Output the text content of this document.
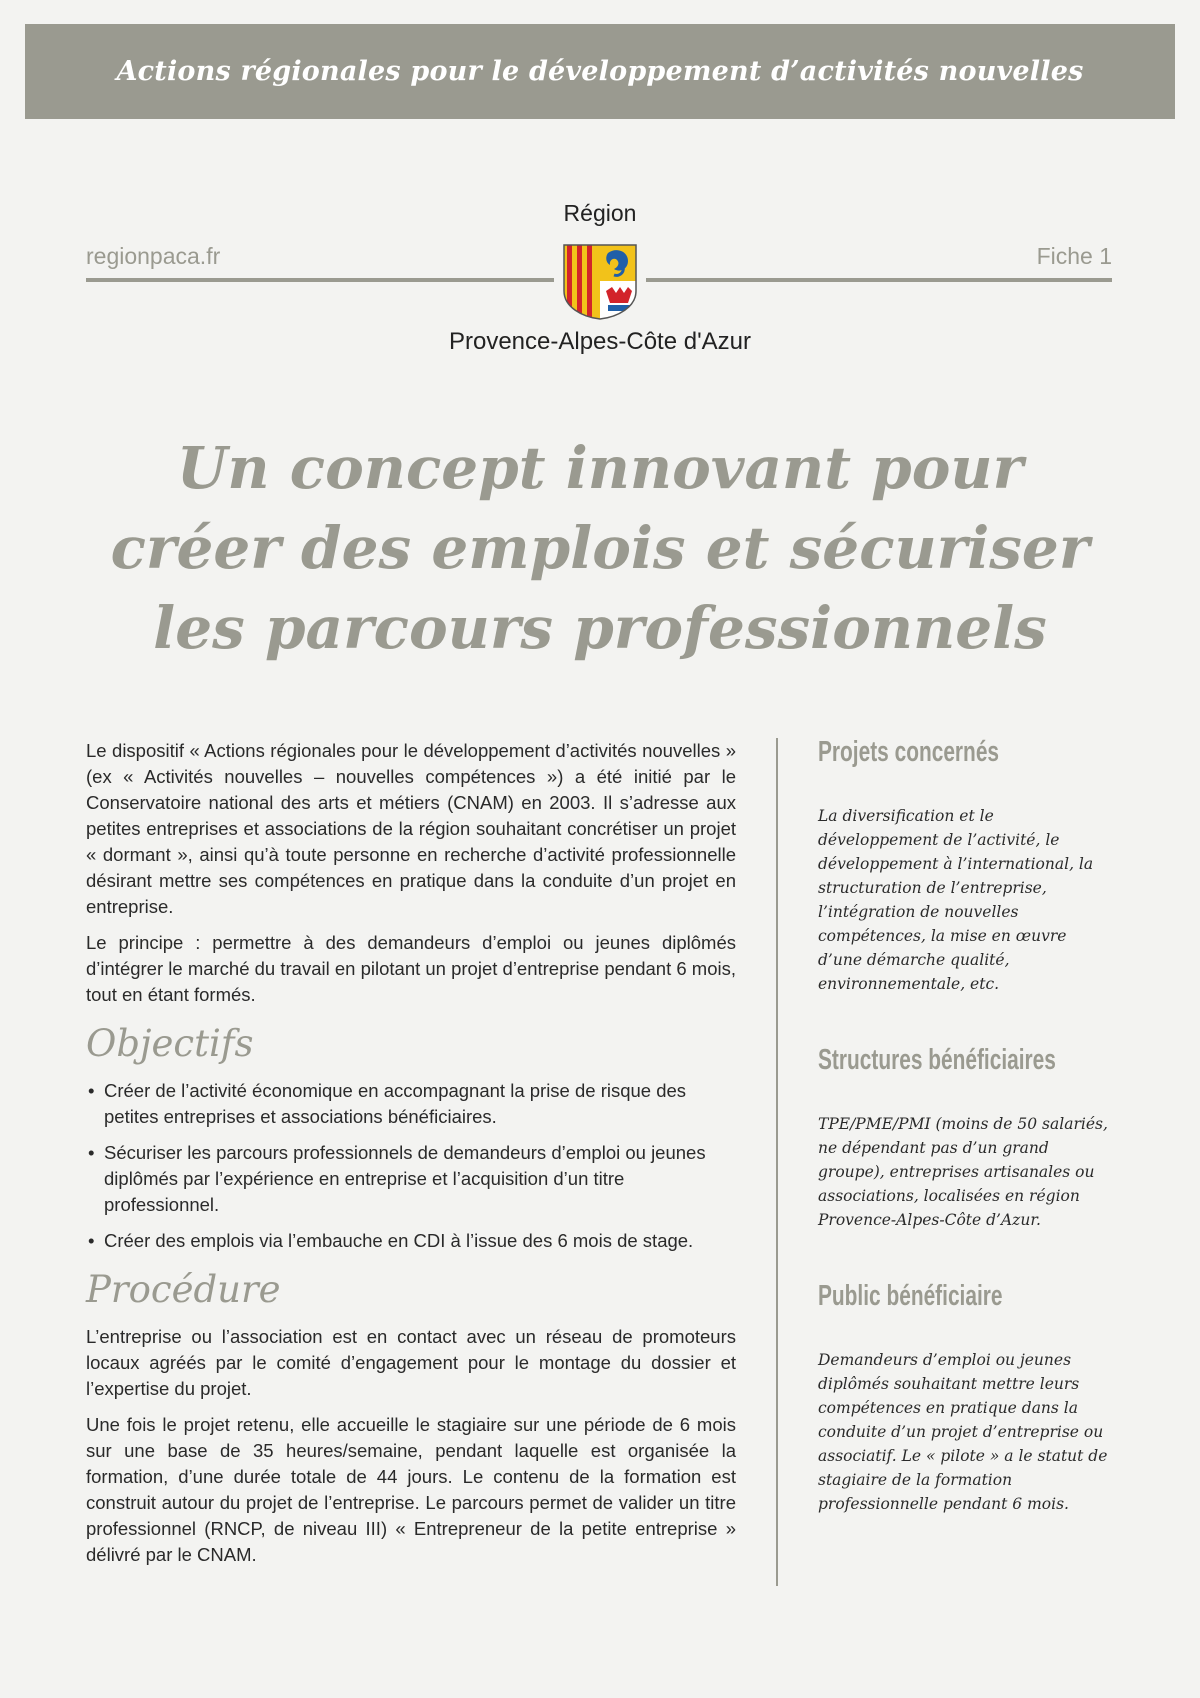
Actions régionales pour le développement d’activités nouvelles
Région
regionpaca.fr	Fiche 1
Provence-Alpes-Côte d'Azur
Un concept innovant pour
créer des emplois et sécuriser
les parcours professionnels

Le dispositif « Actions régionales pour le développement d’activités nouvelles » (ex « Activités nouvelles – nouvelles compétences ») a été initié par le Conservatoire national des arts et métiers (CNAM) en 2003. Il s’adresse aux petites entreprises et associations de la région souhaitant concrétiser un projet « dormant », ainsi qu’à toute personne en recherche d’activité professionnelle désirant mettre ses compétences en pratique dans la conduite d’un projet en entreprise.

Le principe : permettre à des demandeurs d’emploi ou jeunes diplômés d’intégrer le marché du travail en pilotant un projet d’entreprise pendant 6 mois, tout en étant formés.

Objectifs
• Créer de l’activité économique en accompagnant la prise de risque des petites entreprises et associations bénéficiaires.
• Sécuriser les parcours professionnels de demandeurs d’emploi ou jeunes diplômés par l’expérience en entreprise et l’acquisition d’un titre professionnel.
• Créer des emplois via l’embauche en CDI à l’issue des 6 mois de stage.
Procédure

L’entreprise ou l’association est en contact avec un réseau de promoteurs locaux agréés par le comité d’engagement pour le montage du dossier et l’expertise du projet.

Une fois le projet retenu, elle accueille le stagiaire sur une période de 6 mois sur une base de 35 heures/semaine, pendant laquelle est organisée la formation, d’une durée totale de 44 jours. Le contenu de la formation est construit autour du projet de l’entreprise. Le parcours permet de valider un titre professionnel (RNCP, de niveau III) « Entrepreneur de la petite entreprise » délivré par le CNAM.

Projets concernés
La diversification et le développement de l’activité, le développement à l’international, la structuration de l’entreprise, l’intégration de nouvelles compétences, la mise en œuvre d’une démarche qualité, environnementale, etc.
Structures bénéficiaires
TPE/PME/PMI (moins de 50 salariés, ne dépendant pas d’un grand groupe), entreprises artisanales ou associations, localisées en région Provence-Alpes-Côte d’Azur.
Public bénéficiaire
Demandeurs d’emploi ou jeunes diplômés souhaitant mettre leurs compétences en pratique dans la conduite d’un projet d’entreprise ou associatif. Le « pilote » a le statut de stagiaire de la formation professionnelle pendant 6 mois.
